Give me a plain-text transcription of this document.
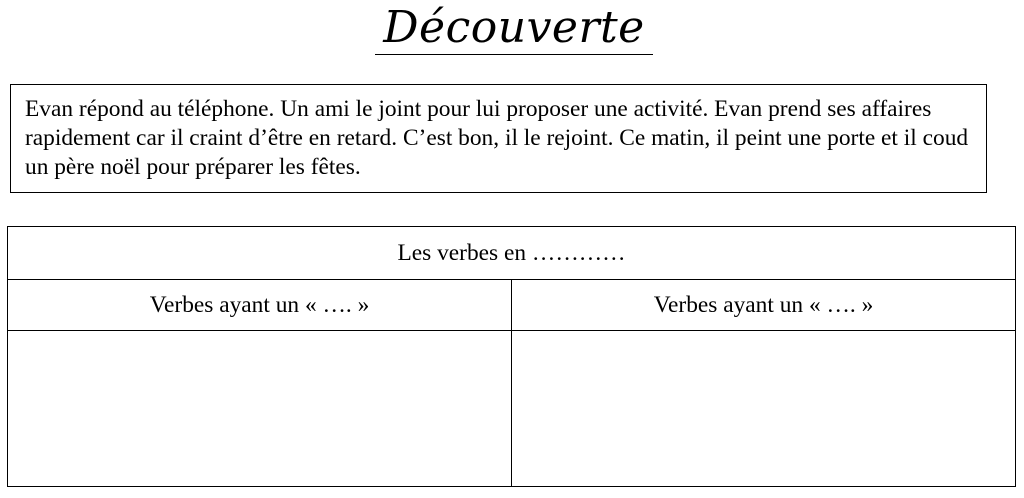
Découverte
Evan répond au téléphone. Un ami le joint pour lui proposer une activité. Evan prend ses affaires rapidement car il craint d’être en retard. C’est bon, il le rejoint. Ce matin, il peint une porte et il coud un père noël pour préparer les fêtes.
Les verbes en …………	
Verbes ayant un « …. »	Verbes ayant un « …. »
